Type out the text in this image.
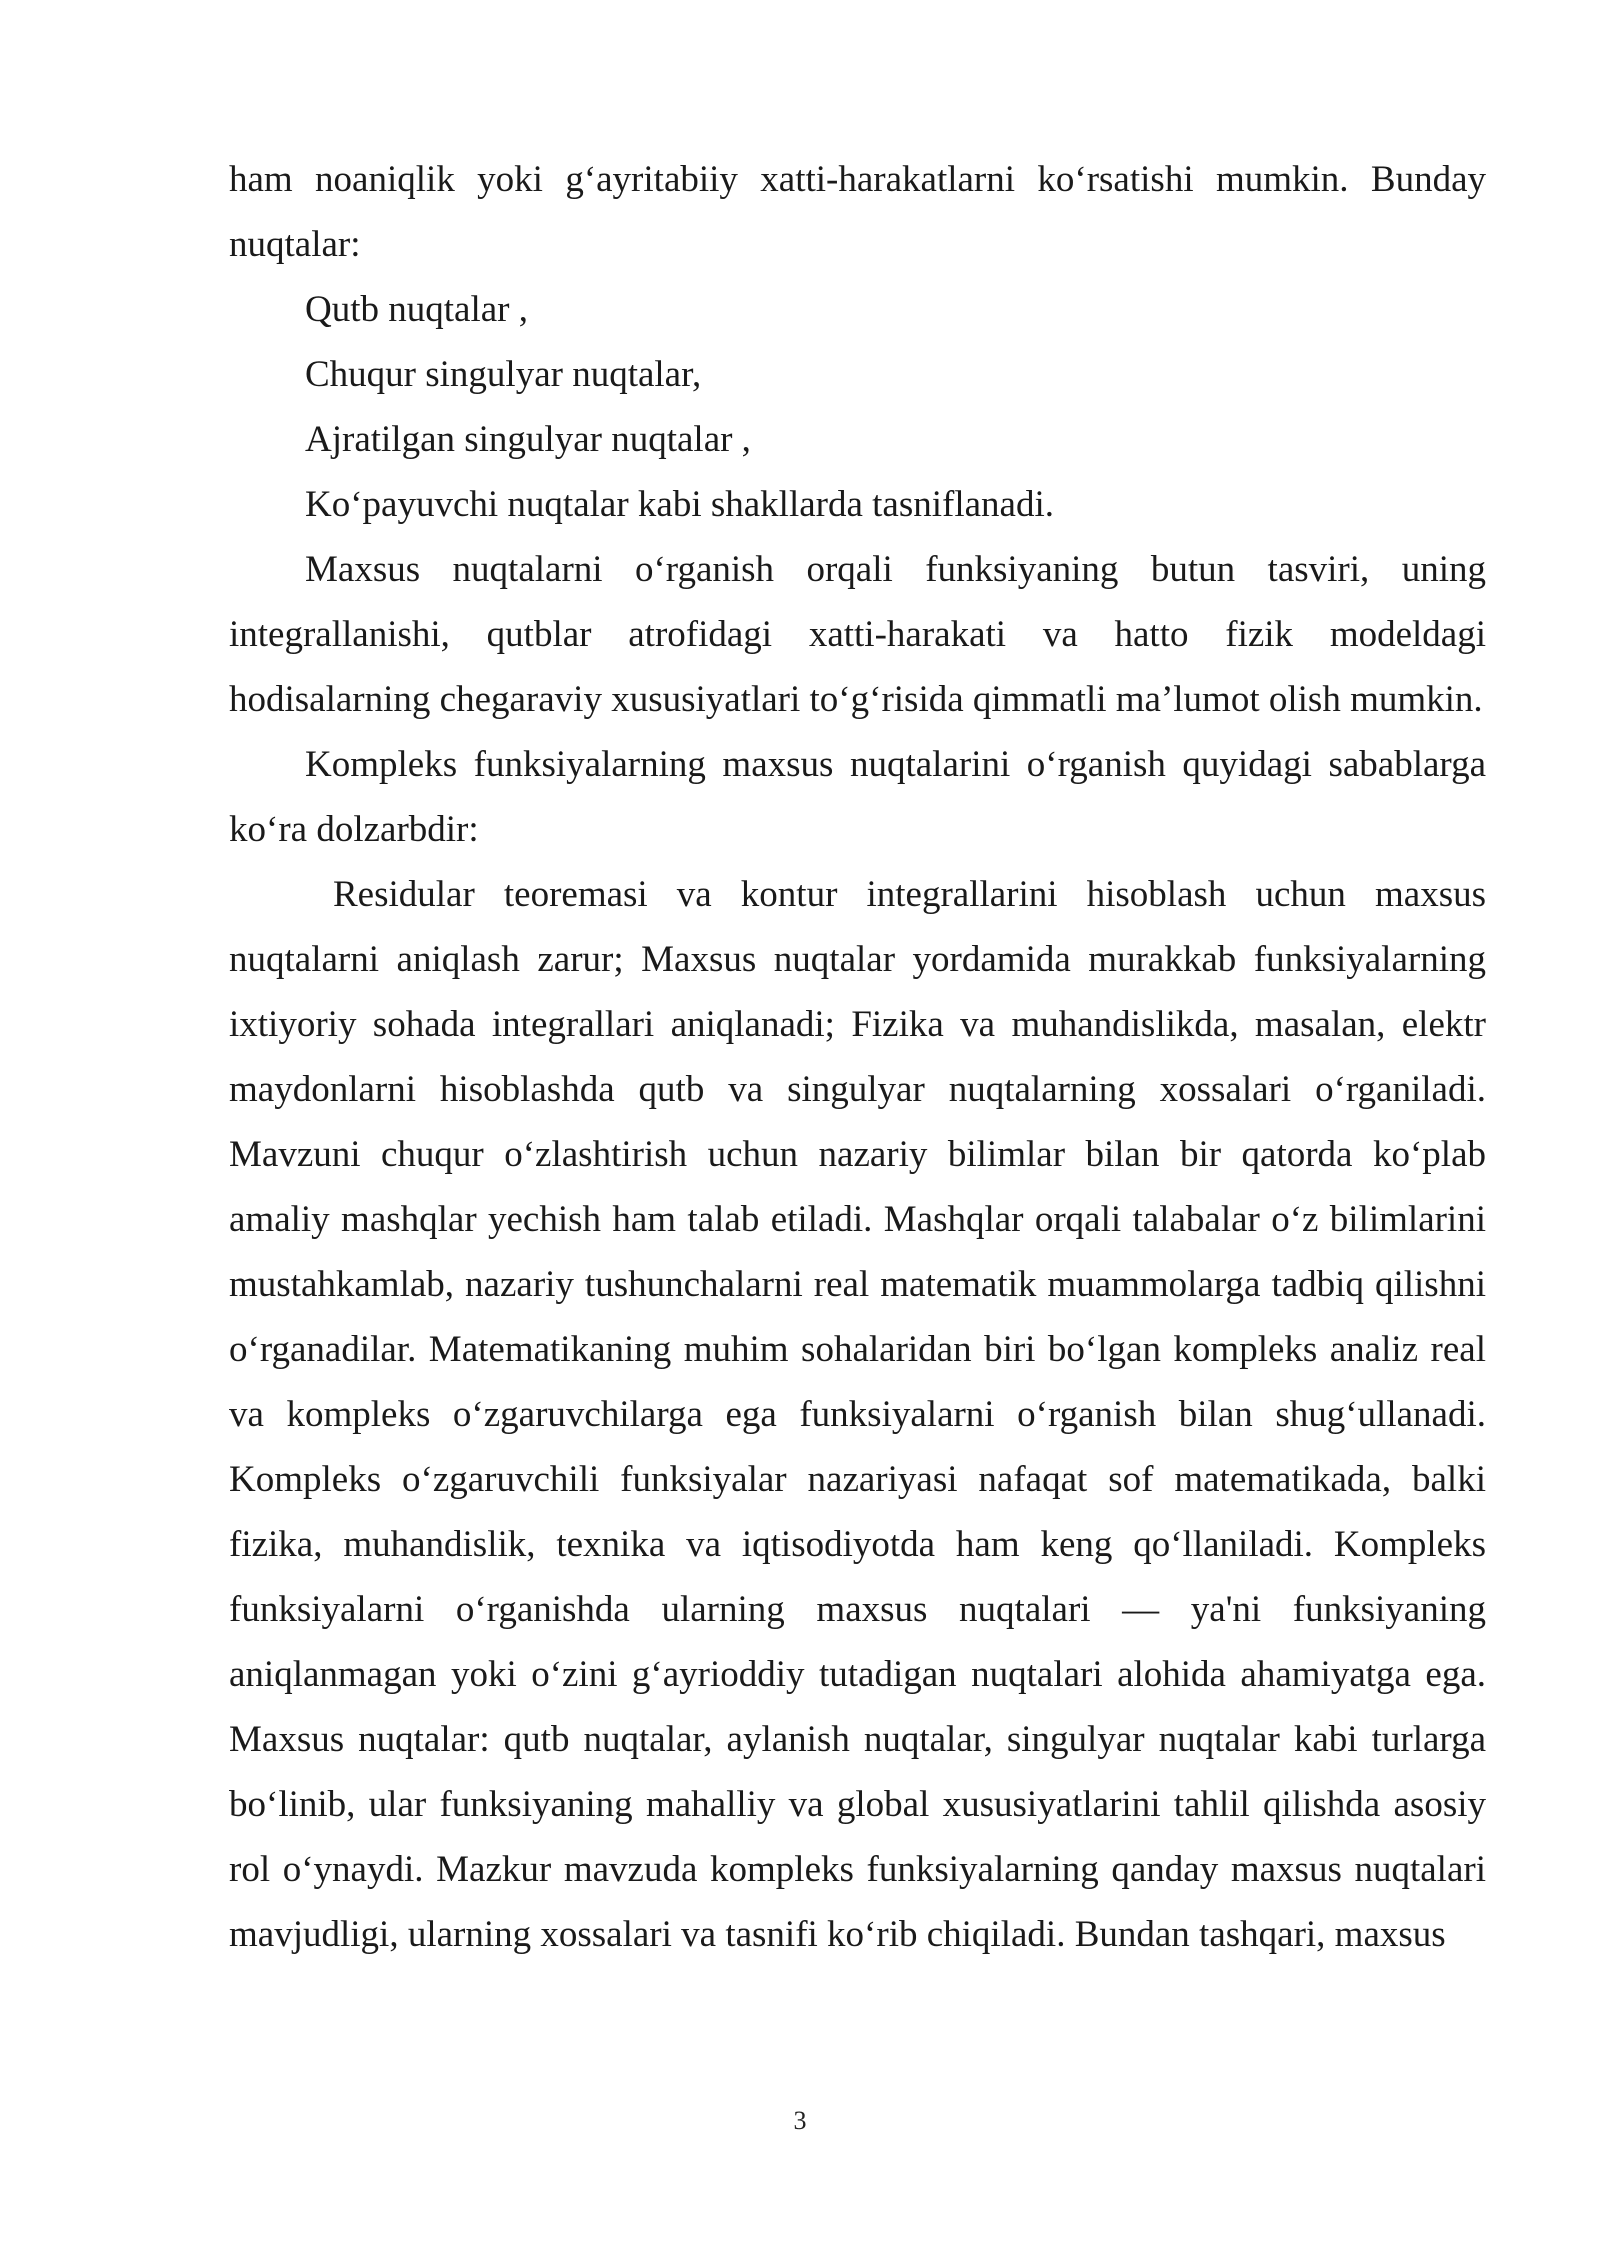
ham noaniqlik yoki g‘ayritabiiy xatti-harakatlarni ko‘rsatishi mumkin. Bunday nuqtalar:

Qutb nuqtalar ,

Chuqur singulyar nuqtalar,

Ajratilgan singulyar nuqtalar ,

Ko‘payuvchi nuqtalar kabi shakllarda tasniflanadi.

Maxsus nuqtalarni o‘rganish orqali funksiyaning butun tasviri, uning integrallanishi, qutblar atrofidagi xatti-harakati va hatto fizik modeldagi hodisalarning chegaraviy xususiyatlari to‘g‘risida qimmatli ma’lumot olish mumkin.

Kompleks funksiyalarning maxsus nuqtalarini o‘rganish quyidagi sabablarga ko‘ra dolzarbdir:

Residular teoremasi va kontur integrallarini hisoblash uchun maxsus nuqtalarni aniqlash zarur; Maxsus nuqtalar yordamida murakkab funksiyalarning ixtiyoriy sohada integrallari aniqlanadi; Fizika va muhandislikda, masalan, elektr maydonlarni hisoblashda qutb va singulyar nuqtalarning xossalari o‘rganiladi. Mavzuni chuqur o‘zlashtirish uchun nazariy bilimlar bilan bir qatorda ko‘plab amaliy mashqlar yechish ham talab etiladi. Mashqlar orqali talabalar o‘z bilimlarini mustahkamlab, nazariy tushunchalarni real matematik muammolarga tadbiq qilishni o‘rganadilar. Matematikaning muhim sohalaridan biri bo‘lgan kompleks analiz real va kompleks o‘zgaruvchilarga ega funksiyalarni o‘rganish bilan shug‘ullanadi. Kompleks o‘zgaruvchili funksiyalar nazariyasi nafaqat sof matematikada, balki fizika, muhandislik, texnika va iqtisodiyotda ham keng qo‘llaniladi. Kompleks funksiyalarni o‘rganishda ularning maxsus nuqtalari — ya'ni funksiyaning aniqlanmagan yoki o‘zini g‘ayrioddiy tutadigan nuqtalari alohida ahamiyatga ega. Maxsus nuqtalar: qutb nuqtalar, aylanish nuqtalar, singulyar nuqtalar kabi turlarga bo‘linib, ular funksiyaning mahalliy va global xususiyatlarini tahlil qilishda asosiy rol o‘ynaydi. Mazkur mavzuda kompleks funksiyalarning qanday maxsus nuqtalari mavjudligi, ularning xossalari va tasnifi ko‘rib chiqiladi. Bundan tashqari, maxsus

3
